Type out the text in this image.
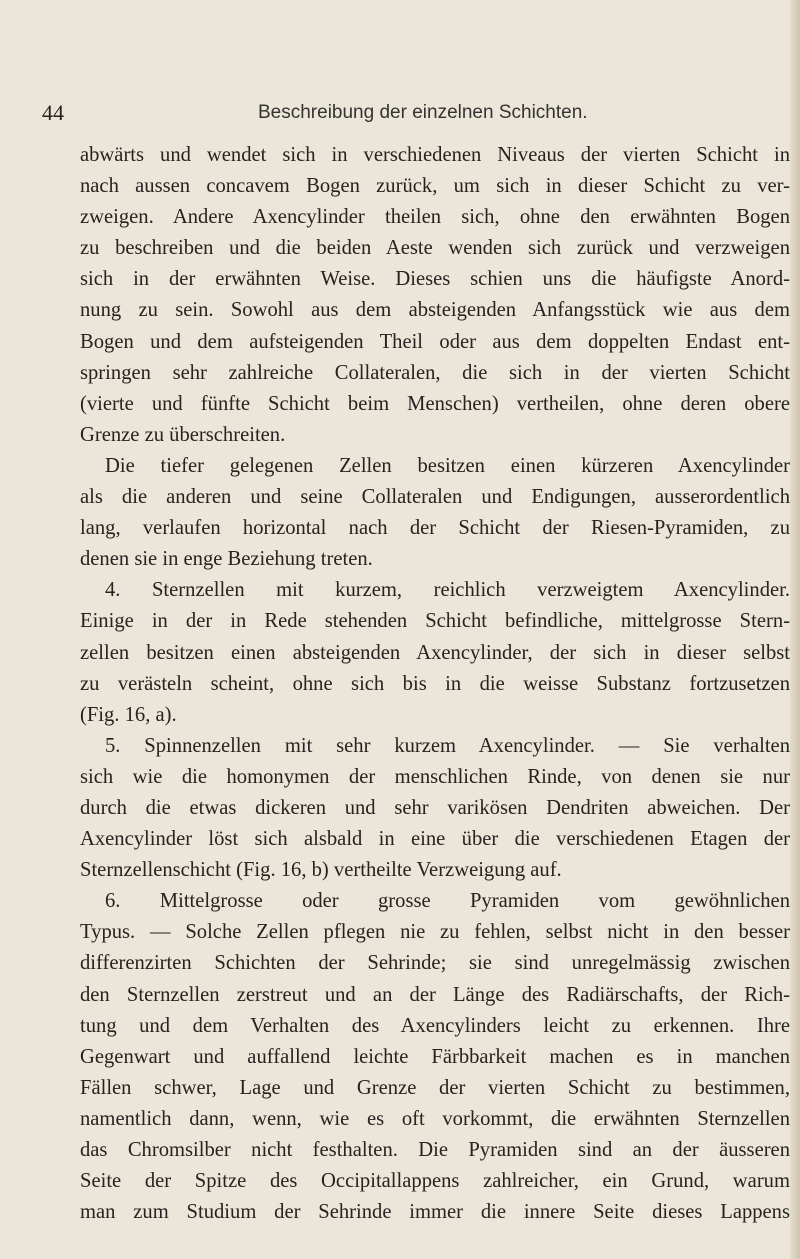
44	Beschreibung der einzelnen Schichten.
abwärts und wendet sich in verschiedenen Niveaus der vierten Schicht in
nach aussen concavem Bogen zurück, um sich in dieser Schicht zu ver-
zweigen. Andere Axencylinder theilen sich, ohne den erwähnten Bogen
zu beschreiben und die beiden Aeste wenden sich zurück und verzweigen
sich in der erwähnten Weise. Dieses schien uns die häufigste Anord-
nung zu sein. Sowohl aus dem absteigenden Anfangsstück wie aus dem
Bogen und dem aufsteigenden Theil oder aus dem doppelten Endast ent-
springen sehr zahlreiche Collateralen, die sich in der vierten Schicht
(vierte und fünfte Schicht beim Menschen) vertheilen, ohne deren obere
Grenze zu überschreiten.
Die tiefer gelegenen Zellen besitzen einen kürzeren Axencylinder
als die anderen und seine Collateralen und Endigungen, ausserordentlich
lang, verlaufen horizontal nach der Schicht der Riesen-Pyramiden, zu
denen sie in enge Beziehung treten.
4. Sternzellen mit kurzem, reichlich verzweigtem Axencylinder.
Einige in der in Rede stehenden Schicht befindliche, mittelgrosse Stern-
zellen besitzen einen absteigenden Axencylinder, der sich in dieser selbst
zu verästeln scheint, ohne sich bis in die weisse Substanz fortzusetzen
(Fig. 16, a).
5. Spinnenzellen mit sehr kurzem Axencylinder. — Sie verhalten
sich wie die homonymen der menschlichen Rinde, von denen sie nur
durch die etwas dickeren und sehr varikösen Dendriten abweichen. Der
Axencylinder löst sich alsbald in eine über die verschiedenen Etagen der
Sternzellenschicht (Fig. 16, b) vertheilte Verzweigung auf.
6. Mittelgrosse oder grosse Pyramiden vom gewöhnlichen
Typus. — Solche Zellen pflegen nie zu fehlen, selbst nicht in den besser
differenzirten Schichten der Sehrinde; sie sind unregelmässig zwischen
den Sternzellen zerstreut und an der Länge des Radiärschafts, der Rich-
tung und dem Verhalten des Axencylinders leicht zu erkennen. Ihre
Gegenwart und auffallend leichte Färbbarkeit machen es in manchen
Fällen schwer, Lage und Grenze der vierten Schicht zu bestimmen,
namentlich dann, wenn, wie es oft vorkommt, die erwähnten Sternzellen
das Chromsilber nicht festhalten. Die Pyramiden sind an der äusseren
Seite der Spitze des Occipitallappens zahlreicher, ein Grund, warum
man zum Studium der Sehrinde immer die innere Seite dieses Lappens
